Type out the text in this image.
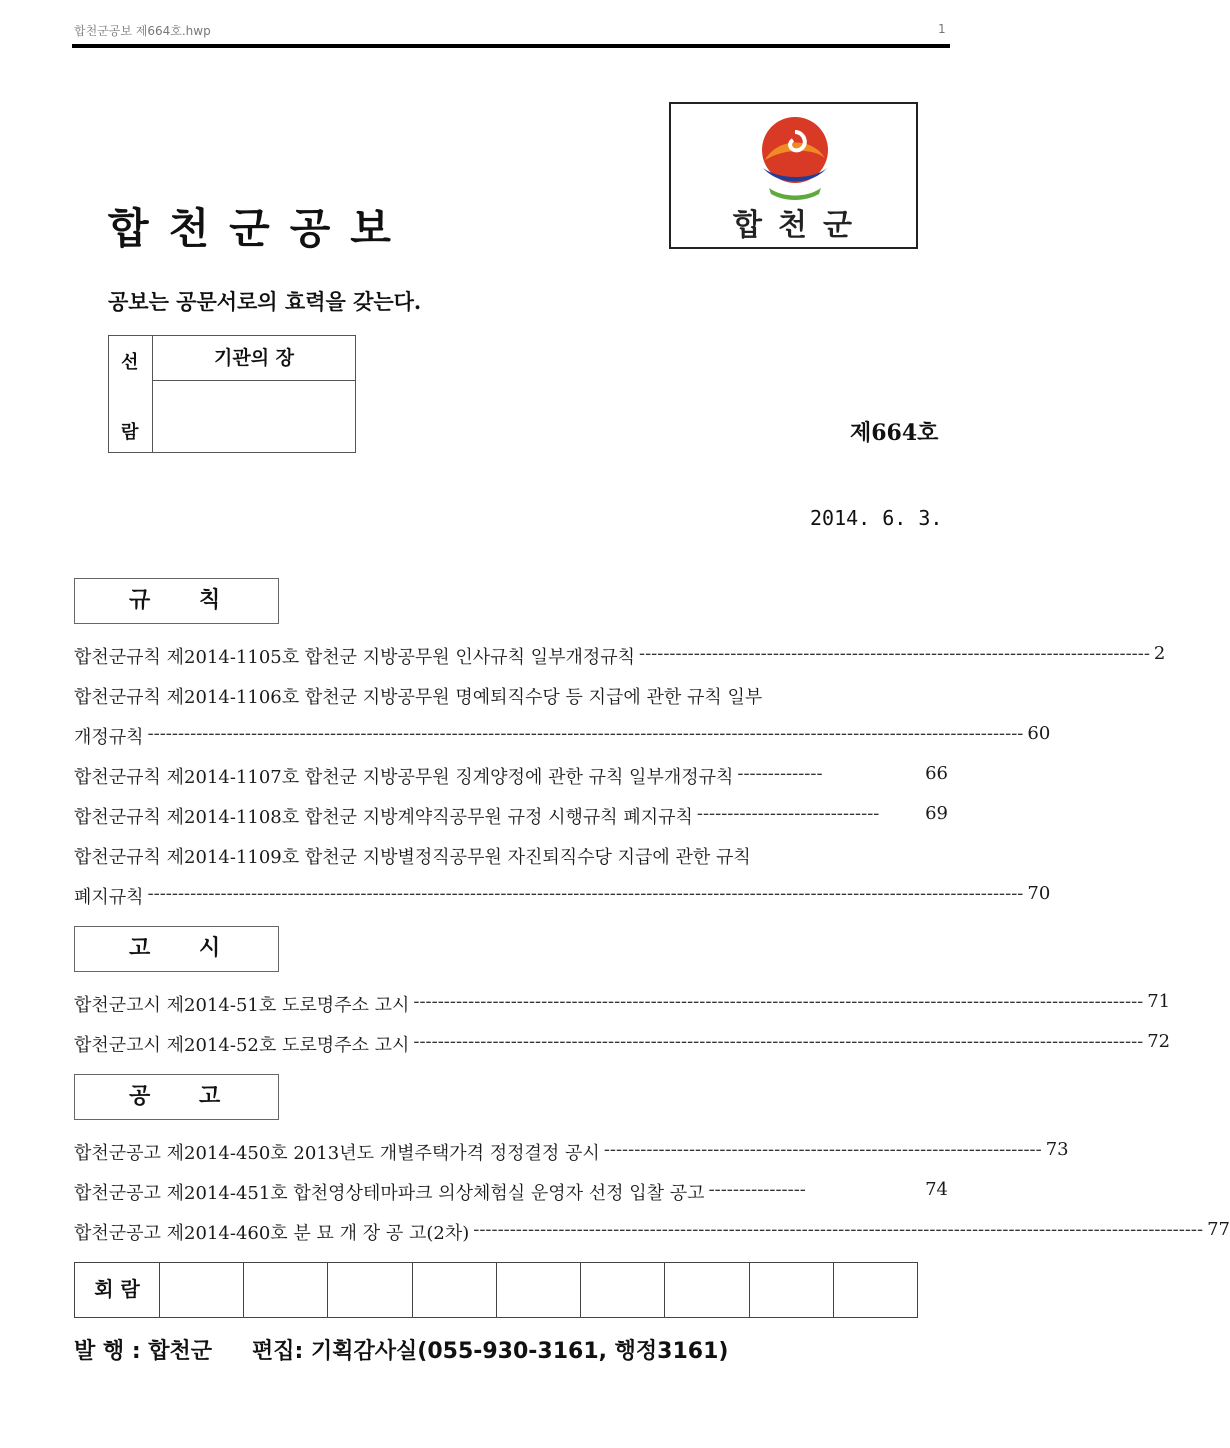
합천군공보 제664호.hwp	1
합천군공보
공보는 공문서로의 효력을 갖는다.
합천군
선
람
기관의 장
제664호
2014. 6. 3.
규 칙
합천군규칙 제2014-1105호 합천군 지방공무원 인사규칙 일부개정규칙 ------------------------------------------------------------------------------------ 2
합천군규칙 제2014-1106호 합천군 지방공무원 명예퇴직수당 등 지급에 관한 규칙 일부
개정규칙 ------------------------------------------------------------------------------------------------------------------------------------------------ 60
합천군규칙 제2014-1107호 합천군 지방공무원 징계양정에 관한 규칙 일부개정규칙 --------------	66
합천군규칙 제2014-1108호 합천군 지방계약직공무원 규정 시행규칙 폐지규칙 ------------------------------	69
합천군규칙 제2014-1109호 합천군 지방별정직공무원 자진퇴직수당 지급에 관한 규칙
폐지규칙 ------------------------------------------------------------------------------------------------------------------------------------------------ 70
고 시
합천군고시 제2014-51호 도로명주소 고시 ------------------------------------------------------------------------------------------------------------------------ 71
합천군고시 제2014-52호 도로명주소 고시 ------------------------------------------------------------------------------------------------------------------------ 72
공 고
합천군공고 제2014-450호 2013년도 개별주택가격 정정결정 공시 ------------------------------------------------------------------------ 73
합천군공고 제2014-451호 합천영상테마파크 의상체험실 운영자 선정 입찰 공고 ----------------	74
합천군공고 제2014-460호 분 묘 개 장 공 고(2차) ------------------------------------------------------------------------------------------------------------------------ 77
회 람
발 행 : 합천군 편집: 기획감사실(055-930-3161, 행정3161)
